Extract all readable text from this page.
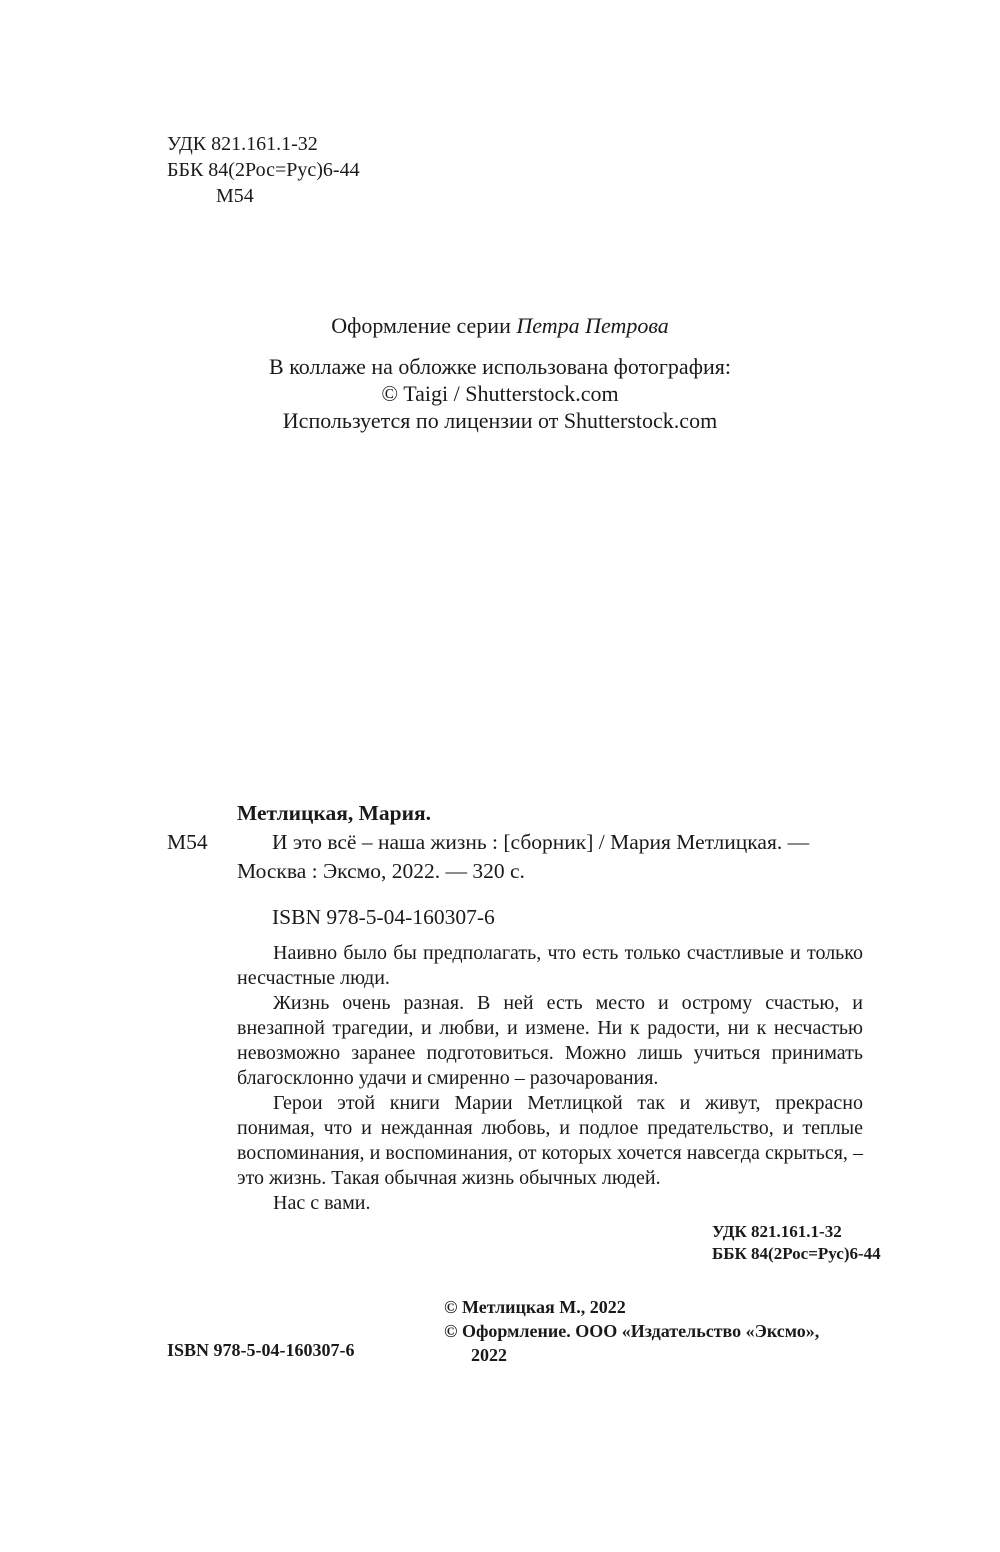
УДК 821.161.1-32
ББК 84(2Рос=Рус)6-44
М54
Оформление серии Петра Петрова
В коллаже на обложке использована фотография:
© Taigi / Shutterstock.com
Используется по лицензии от Shutterstock.com
Метлицкая, Мария.
М54	И это всё – наша жизнь : [сборник] / Мария Метлицкая. —
Москва : Эксмо, 2022. — 320 с.
ISBN 978-5-04-160307-6

Наивно было бы предполагать, что есть только счастливые и только несчастные люди.

Жизнь очень разная. В ней есть место и острому счастью, и внезапной трагедии, и любви, и измене. Ни к радости, ни к несчастью невозможно заранее подготовиться. Можно лишь учиться принимать благосклонно удачи и смиренно – разочарования.

Герои этой книги Марии Метлицкой так и живут, прекрасно понимая, что и нежданная любовь, и подлое предательство, и теплые воспоминания, и воспоминания, от которых хочется навсегда скрыться, – это жизнь. Такая обычная жизнь обычных людей.

Нас с вами.

УДК 821.161.1-32
ББК 84(2Рос=Рус)6-44
© Метлицкая М., 2022
© Оформление. ООО «Издательство «Эксмо»,
2022
ISBN 978-5-04-160307-6
